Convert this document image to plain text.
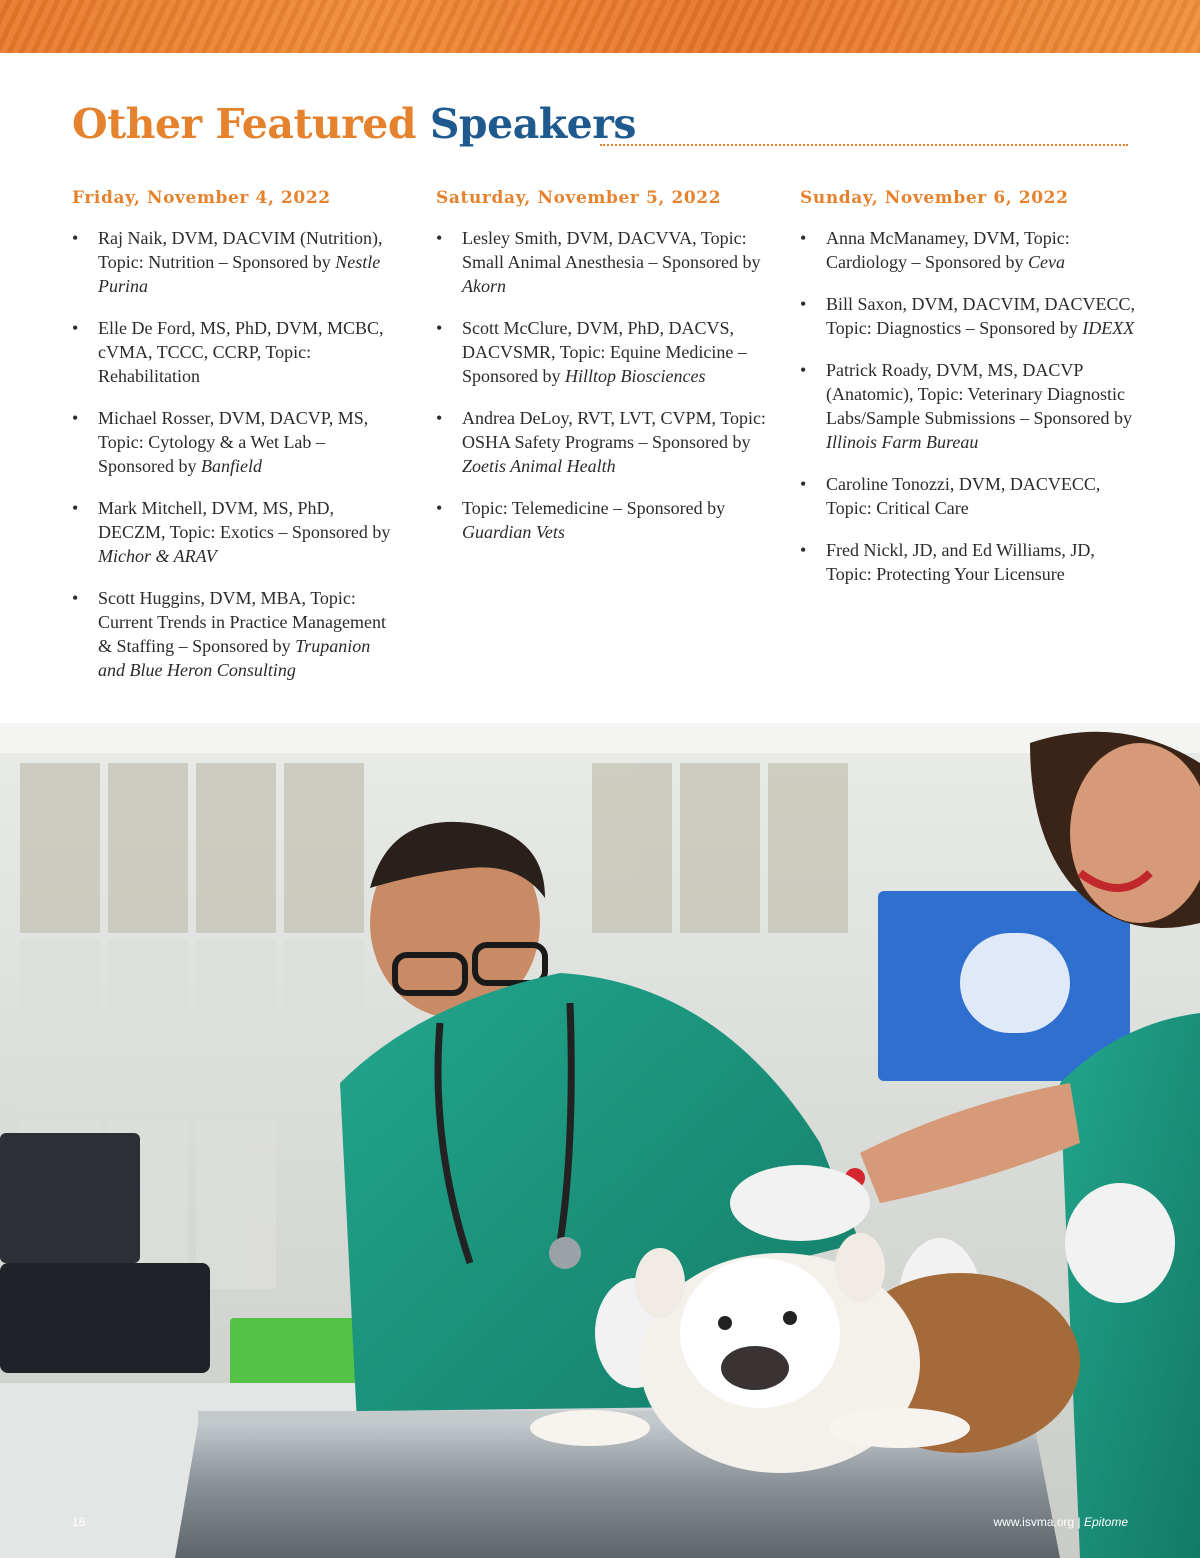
Other Featured Speakers
Friday, November 4, 2022
• Raj Naik, DVM, DACVIM (Nutrition), Topic: Nutrition – Sponsored by Nestle Purina
• Elle De Ford, MS, PhD, DVM, MCBC, cVMA, TCCC, CCRP, Topic: Rehabilitation
• Michael Rosser, DVM, DACVP, MS, Topic: Cytology & a Wet Lab – Sponsored by Banfield
• Mark Mitchell, DVM, MS, PhD, DECZM, Topic: Exotics – Sponsored by Michor & ARAV
• Scott Huggins, DVM, MBA, Topic: Current Trends in Practice Management & Staffing – Sponsored by Trupanion and Blue Heron Consulting
Saturday, November 5, 2022
• Lesley Smith, DVM, DACVVA, Topic: Small Animal Anesthesia – Sponsored by Akorn
• Scott McClure, DVM, PhD, DACVS, DACVSMR, Topic: Equine Medicine – Sponsored by Hilltop Biosciences
• Andrea DeLoy, RVT, LVT, CVPM, Topic: OSHA Safety Programs – Sponsored by Zoetis Animal Health
• Topic: Telemedicine – Sponsored by Guardian Vets
Sunday, November 6, 2022
• Anna McManamey, DVM, Topic: Cardiology – Sponsored by Ceva
• Bill Saxon, DVM, DACVIM, DACVECC, Topic: Diagnostics – Sponsored by IDEXX
• Patrick Roady, DVM, MS, DACVP (Anatomic), Topic: Veterinary Diagnostic Labs/Sample Submissions – Sponsored by Illinois Farm Bureau
• Caroline Tonozzi, DVM, DACVECC, Topic: Critical Care
• Fred Nickl, JD, and Ed Williams, JD, Topic: Protecting Your Licensure
18	www.isvma.org | Epitome
